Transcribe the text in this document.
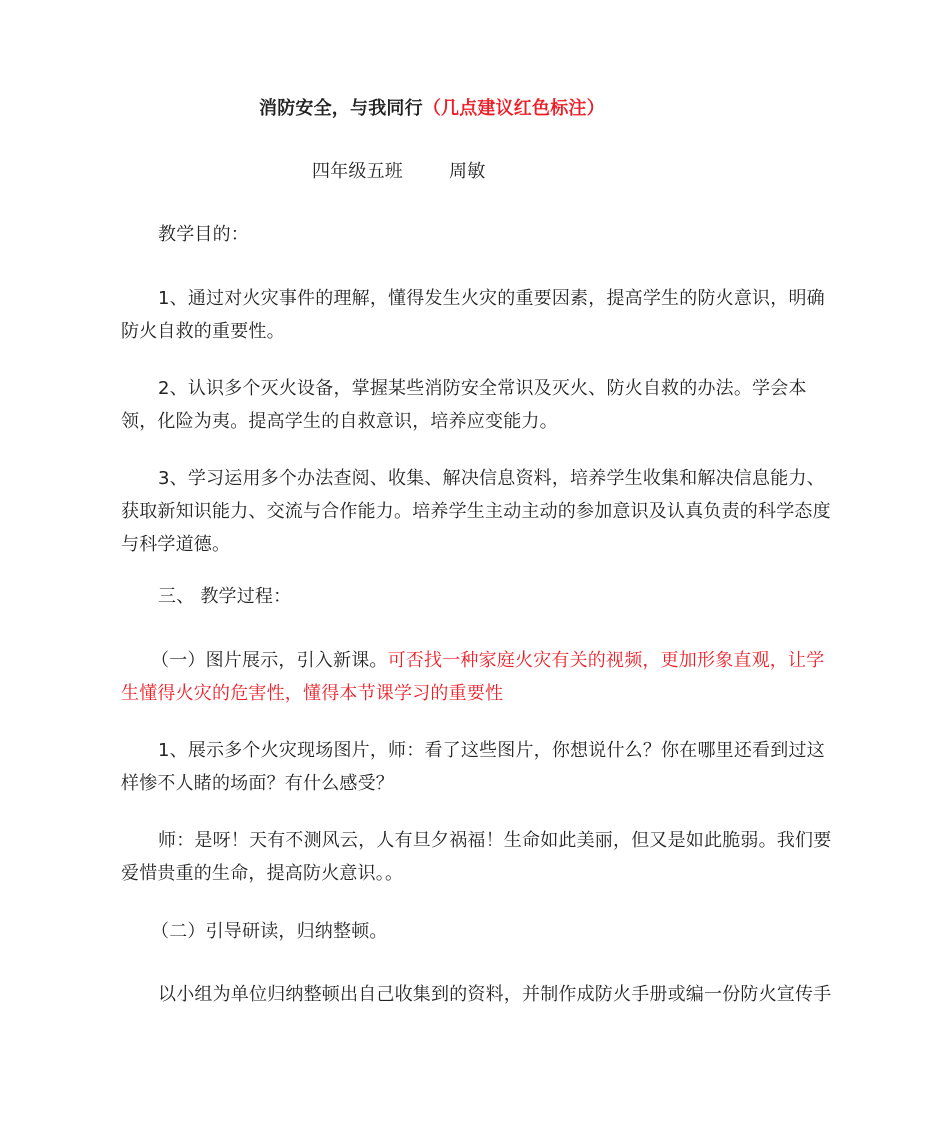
消防安全，与我同行（几点建议红色标注）
四年级五班	周敏
教学目的：
1、通过对火灾事件的理解，懂得发生火灾的重要因素，提高学生的防火意识，明确防火自救的重要性。
2、认识多个灭火设备，掌握某些消防安全常识及灭火、防火自救的办法。学会本领，化险为夷。提高学生的自救意识，培养应变能力。
3、学习运用多个办法查阅、收集、解决信息资料，培养学生收集和解决信息能力、获取新知识能力、交流与合作能力。培养学生主动主动的参加意识及认真负责的科学态度与科学道德。
三、 教学过程：
（一）图片展示，引入新课。可否找一种家庭火灾有关的视频，更加形象直观，让学生懂得火灾的危害性，懂得本节课学习的重要性
1、展示多个火灾现场图片，师：看了这些图片，你想说什么？你在哪里还看到过这样惨不人睹的场面？有什么感受？
师：是呀！天有不测风云，人有旦夕祸福！生命如此美丽，但又是如此脆弱。我们要爱惜贵重的生命，提高防火意识。。
（二）引导研读，归纳整顿。
以小组为单位归纳整顿出自己收集到的资料，并制作成防火手册或编一份防火宣传手
